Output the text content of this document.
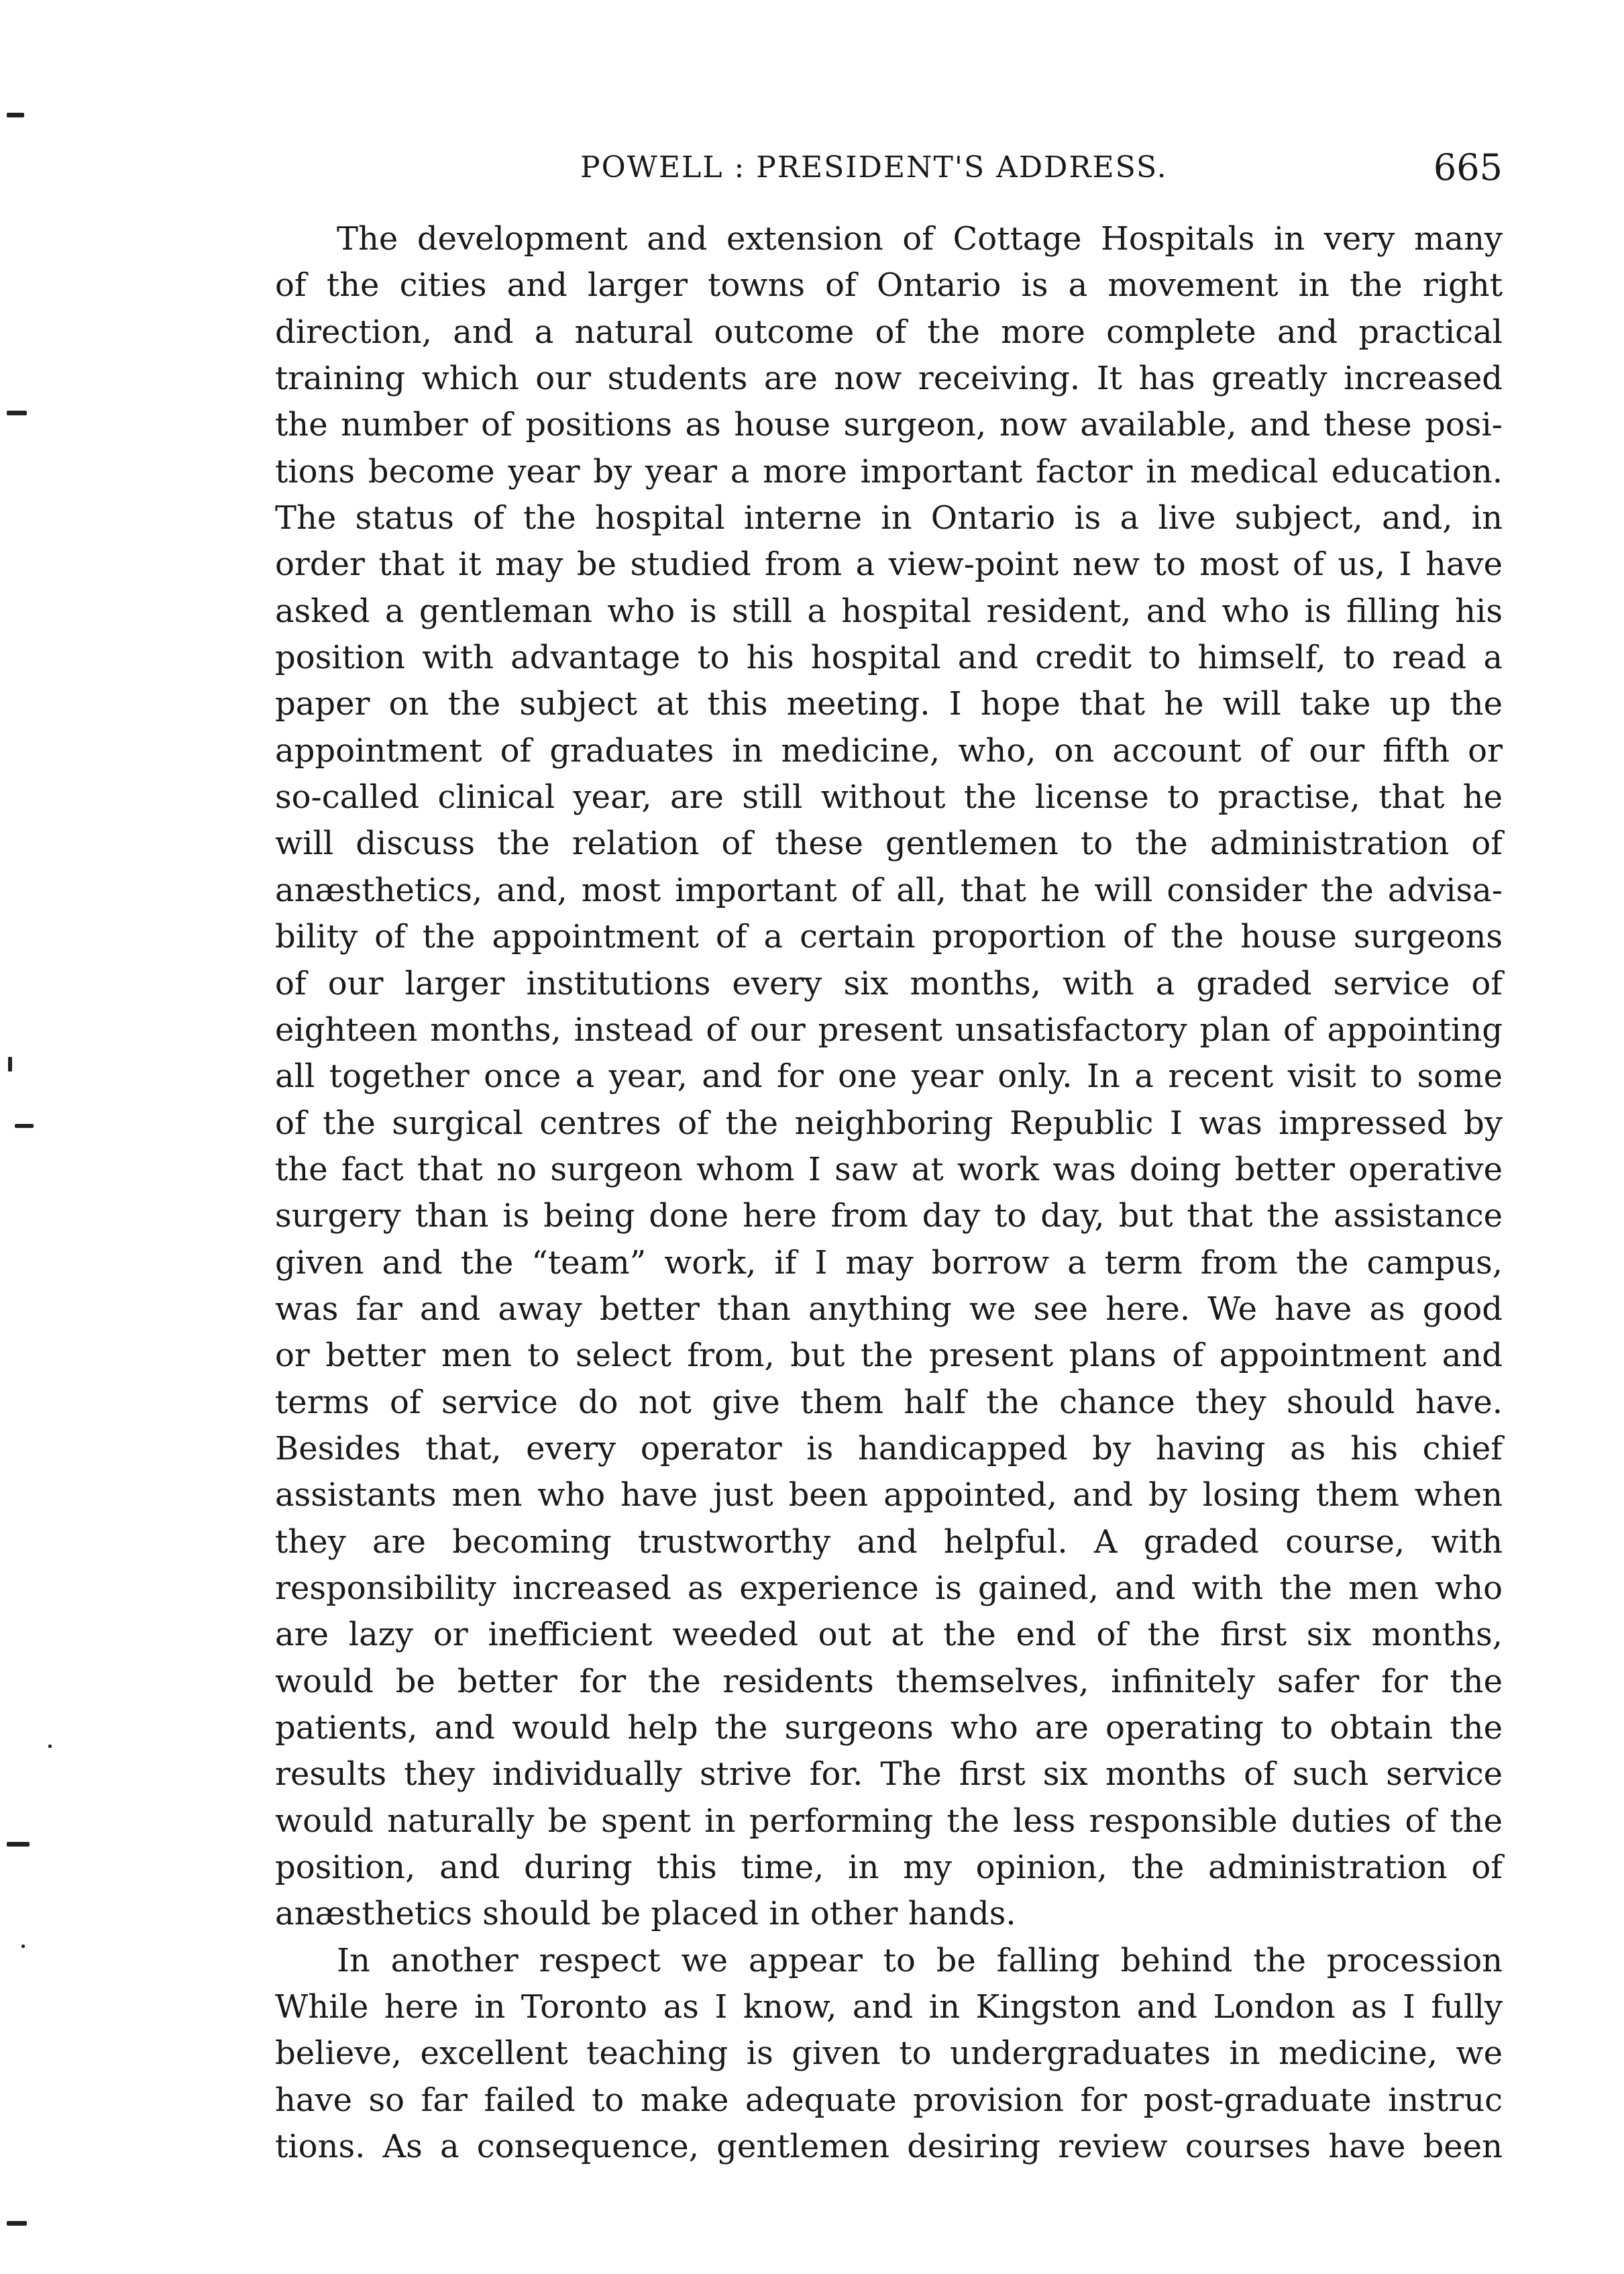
POWELL : PRESIDENT'S ADDRESS.	665

The development and extension of Cottage Hospitals in very many
of the cities and larger towns of Ontario is a movement in the right
direction, and a natural outcome of the more complete and practical
training which our students are now receiving. It has greatly increased
the number of positions as house surgeon, now available, and these posi-
tions become year by year a more important factor in medical education.
The status of the hospital interne in Ontario is a live subject, and, in
order that it may be studied from a view-point new to most of us, I have
asked a gentleman who is still a hospital resident, and who is filling his
position with advantage to his hospital and credit to himself, to read a
paper on the subject at this meeting. I hope that he will take up the
appointment of graduates in medicine, who, on account of our fifth or
so-called clinical year, are still without the license to practise, that he
will discuss the relation of these gentlemen to the administration of
anæsthetics, and, most important of all, that he will consider the advisa-
bility of the appointment of a certain proportion of the house surgeons
of our larger institutions every six months, with a graded service of
eighteen months, instead of our present unsatisfactory plan of appointing
all together once a year, and for one year only. In a recent visit to some
of the surgical centres of the neighboring Republic I was impressed by
the fact that no surgeon whom I saw at work was doing better operative
surgery than is being done here from day to day, but that the assistance
given and the “team” work, if I may borrow a term from the campus,
was far and away better than anything we see here. We have as good
or better men to select from, but the present plans of appointment and
terms of service do not give them half the chance they should have.
Besides that, every operator is handicapped by having as his chief
assistants men who have just been appointed, and by losing them when
they are becoming trustworthy and helpful. A graded course, with
responsibility increased as experience is gained, and with the men who
are lazy or inefficient weeded out at the end of the first six months,
would be better for the residents themselves, infinitely safer for the
patients, and would help the surgeons who are operating to obtain the
results they individually strive for. The first six months of such service
would naturally be spent in performing the less responsible duties of the
position, and during this time, in my opinion, the administration of
anæsthetics should be placed in other hands.

In another respect we appear to be falling behind the procession
While here in Toronto as I know, and in Kingston and London as I fully
believe, excellent teaching is given to undergraduates in medicine, we
have so far failed to make adequate provision for post-graduate instruc
tions. As a consequence, gentlemen desiring review courses have been
